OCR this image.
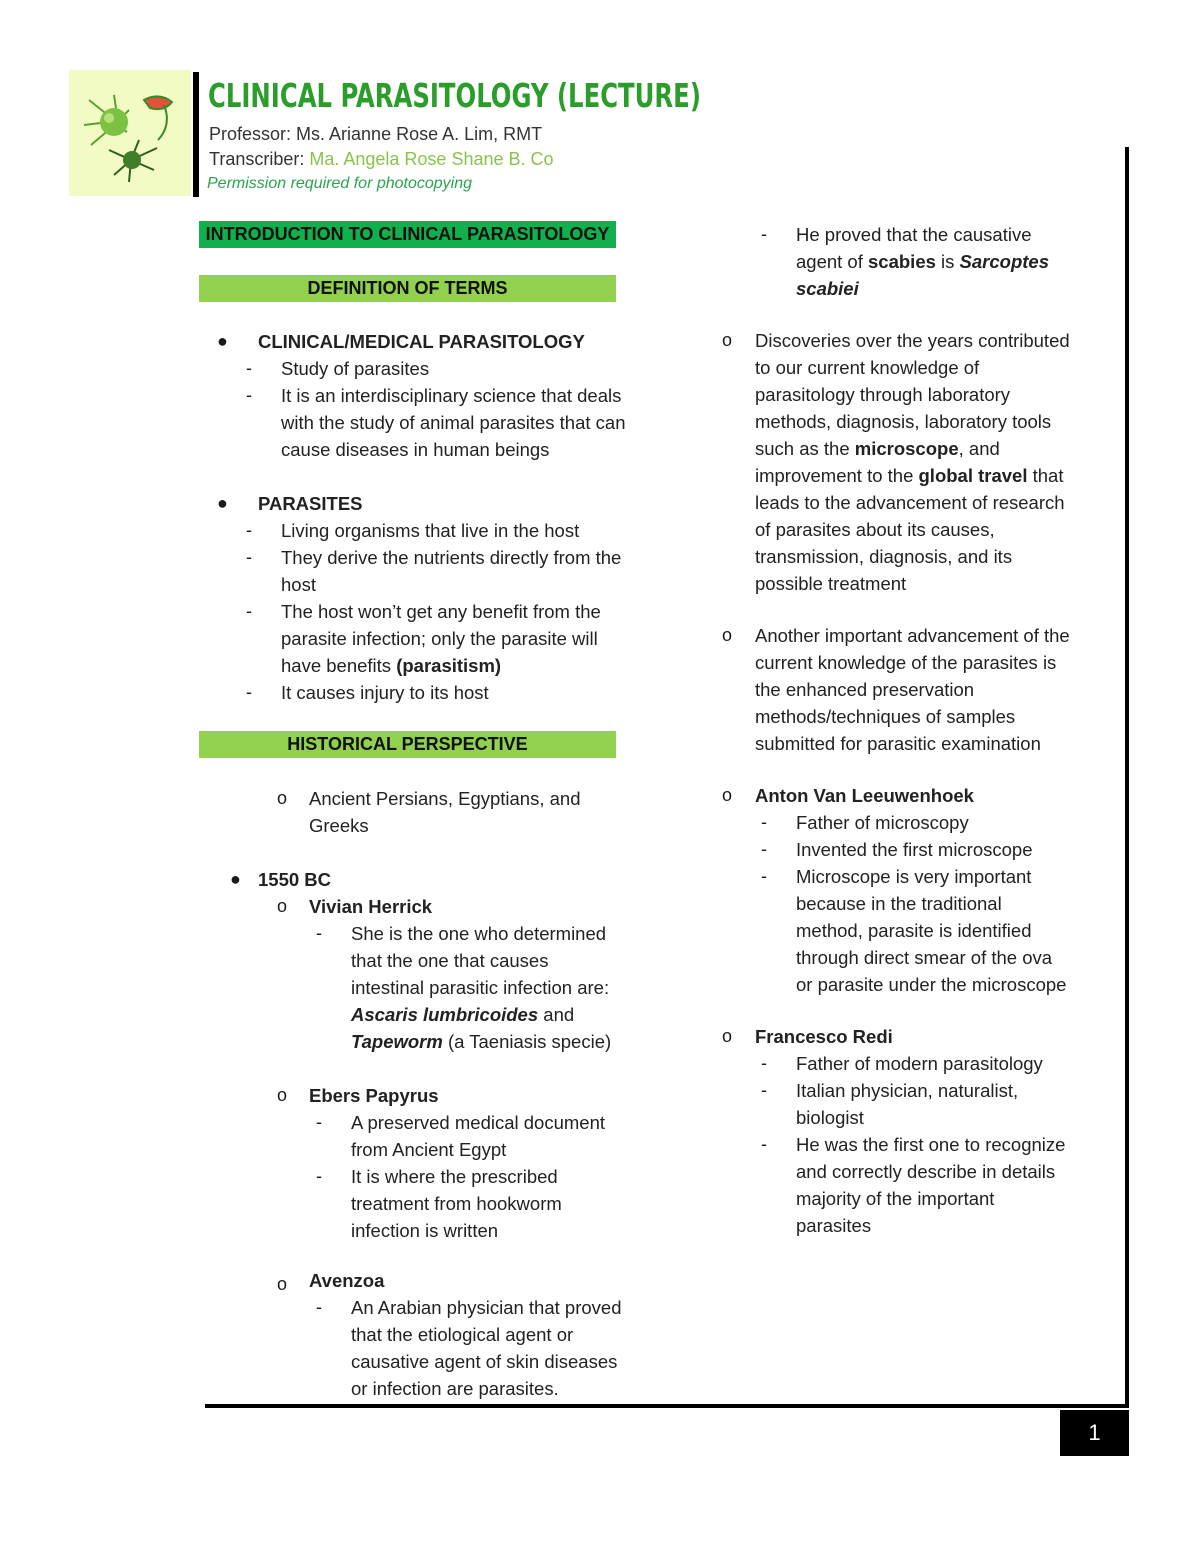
CLINICAL PARASITOLOGY (LECTURE)
Professor: Ms. Arianne Rose A. Lim, RMT
Transcriber: Ma. Angela Rose Shane B. Co
Permission required for photocopying
1
INTRODUCTION TO CLINICAL PARASITOLOGY
DEFINITION OF TERMS
HISTORICAL PERSPECTIVE
● CLINICAL/MEDICAL PARASITOLOGY
- Study of parasites
- It is an interdisciplinary science that deals
with the study of animal parasites that can
cause diseases in human beings
● PARASITES
- Living organisms that live in the host
- They derive the nutrients directly from the
host
- The host won’t get any benefit from the
parasite infection; only the parasite will
have benefits (parasitism)
- It causes injury to its host
o Ancient Persians, Egyptians, and
Greeks
● 1550 BC
o Vivian Herrick
- She is the one who determined
that the one that causes
intestinal parasitic infection are:
Ascaris lumbricoides and
Tapeworm (a Taeniasis specie)
o Ebers Papyrus
- A preserved medical document
from Ancient Egypt
- It is where the prescribed
treatment from hookworm
infection is written
o Avenzoa
- An Arabian physician that proved
that the etiological agent or
causative agent of skin diseases
or infection are parasites.
- He proved that the causative
agent of scabies is Sarcoptes
scabiei
o Discoveries over the years contributed
to our current knowledge of
parasitology through laboratory
methods, diagnosis, laboratory tools
such as the microscope, and
improvement to the global travel that
leads to the advancement of research
of parasites about its causes,
transmission, diagnosis, and its
possible treatment
o Another important advancement of the
current knowledge of the parasites is
the enhanced preservation
methods/techniques of samples
submitted for parasitic examination
o Anton Van Leeuwenhoek
- Father of microscopy
- Invented the first microscope
- Microscope is very important
because in the traditional
method, parasite is identified
through direct smear of the ova
or parasite under the microscope
o Francesco Redi
- Father of modern parasitology
- Italian physician, naturalist,
biologist
- He was the first one to recognize
and correctly describe in details
majority of the important
parasites
